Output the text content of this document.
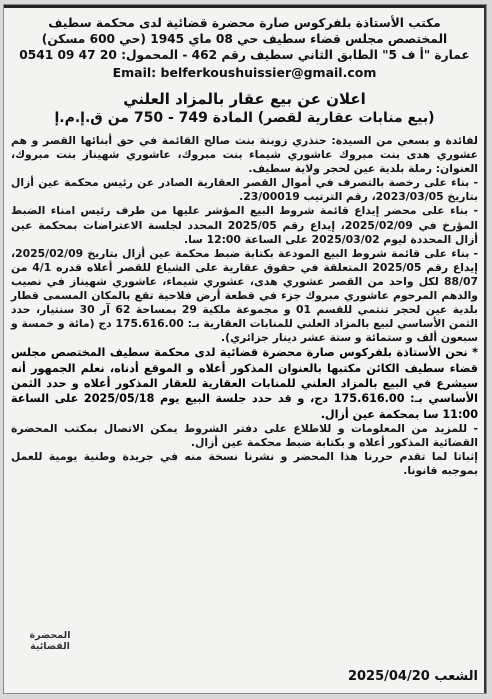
مكتب الأستاذة بلفركوس صارة محضرة قضائية لدى محكمة سطيف
المختصص مجلس قضاء سطيف حي 08 ماي 1945 (حي 600 مسكن)
عمارة "أ ف 5" الطابق الثاني سطيف رقم 462 - المحمول: 20 47 09 0541
Email: belferkoushuissier@gmail.com
اعلان عن بيع عقار بالمزاد العلني
(بيع منابات عقارية لقصر) المادة 749 - 750 من ق.إ.م.إ

لفائدة و بسعي من السيدة: حنذري زوبنة بنت صالح القائمة في حق أبنائها القصر و هم عشوري هدى بنت مبروك عاشوري شيماء بنت مبروك، عاشوري شهيناز بنت مبروك، العنوان: رملة بلدية عين لحجر ولاية سطيف.

- بناء على رخصة بالتصرف في أموال القصر العقارية الصادر عن رئيس محكمة عين أزال بتاريخ 2023/03/05، رقم الترتيب 23/00019.

- بناء على محضر إيداع قائمة شروط البيع المؤشر عليها من طرف رئيس امناء الضبط المؤرخ في 2025/02/09، إيداع رقم 2025/05 المحدد لجلسة الاعتراضات بمحكمة عين أزال المحددة ليوم 2025/03/02 على الساعة 12:00 سا.

- بناء على قائمة شروط البيع المودعة بكتابة ضبط محكمة عين أزال بتاريخ 2025/02/09، إيداع رقم 2025/05 المتعلقة في حقوق عقارية على الشياع للقصر أعلاه قدره 4/1 من 88/07 لكل واحد من القصر عشوري هدى، عشوري شيماء، عاشوري شهيناز في نصيب والدهم المرحوم عاشوري مبروك جزء في قطعة أرض فلاحية تقع بالمكان المسمى قطار بلدية عين لحجر تنتمي للقسم 01 و مجموعة ملكية 29 بمساحة 62 آر 30 سنتيار، حدد الثمن الأساسي لبيع بالمزاد العلني للمنابات العقارية بـ: 175.616.00 دج (مائة و خمسة و سبعون ألف و ستمائة و ستة عشر دينار جزائري).

* نحن الأستاذة بلفركوس صارة محضرة قضائية لدى محكمة سطيف المختصص مجلس قضاء سطيف الكائن مكتبها بالعنوان المذكور أعلاه و الموقع أدناه، نعلم الجمهور أنه سيشرع في البيع بالمزاد العلني للمنابات العقارية للعقار المذكور أعلاه و حدد الثمن الأساسي بـ: 175.616.00 دج، و قد حدد جلسة البيع يوم 2025/05/18 على الساعة 11:00 سا بمحكمة عين أزال.

- للمزيد من المعلومات و للاطلاع على دفتر الشروط يمكن الاتصال بمكتب المحضرة القضائية المذكور أعلاه و بكتابة ضبط محكمة عين أزال.

إثباتا لما تقدم حررنا هذا المحضر و نشرنا نسخة منه في جريدة وطنية يومية للعمل بموجبه قانونا.

المحضرة القضائية
الشعب 2025/04/20
